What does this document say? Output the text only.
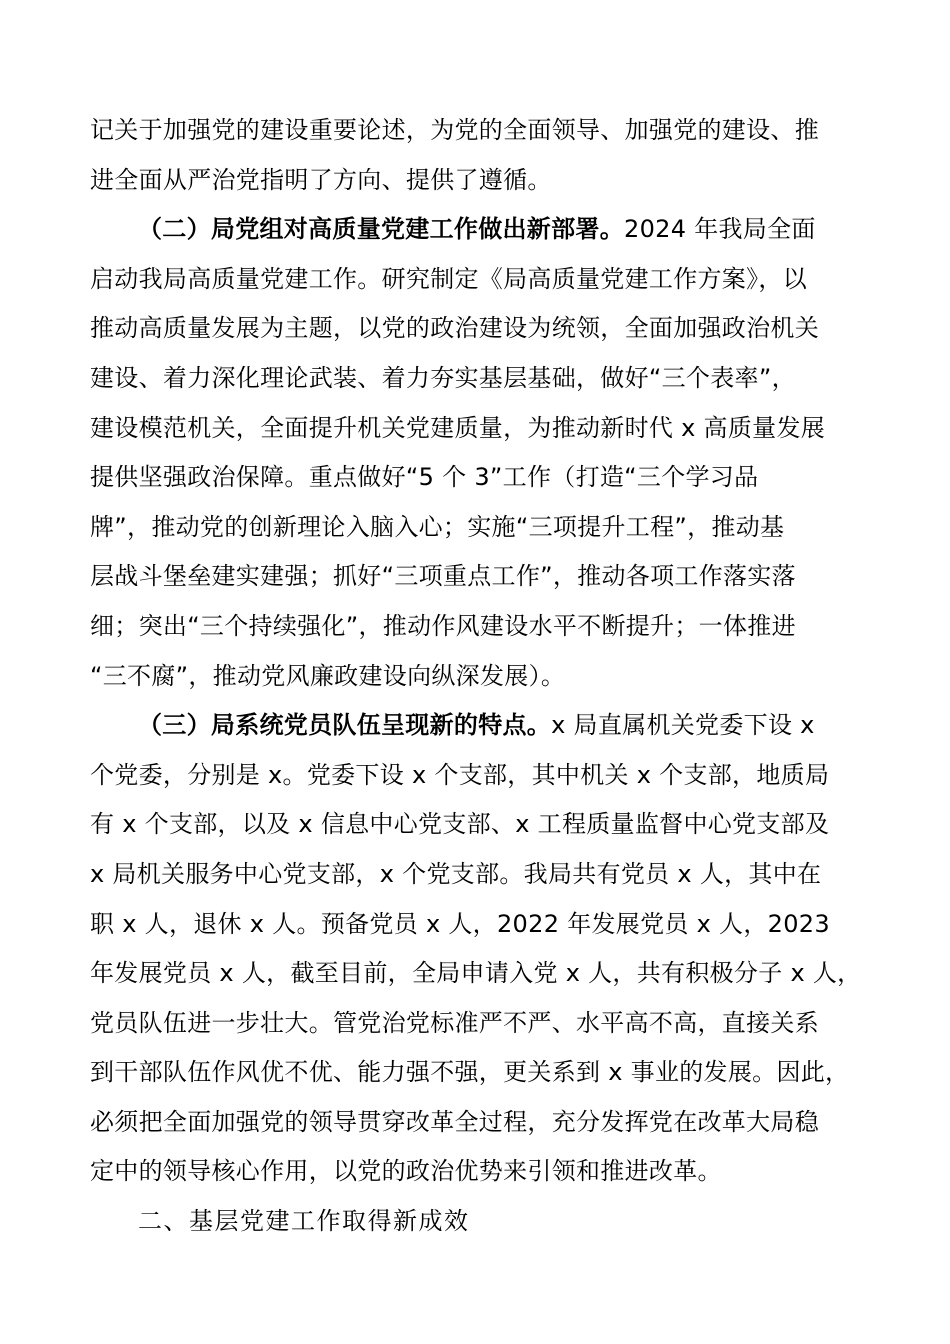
记关于加强党的建设重要论述，为党的全面领导、加强党的建设、推
进全面从严治党指明了方向、提供了遵循。
（二）局党组对高质量党建工作做出新部署。2024 年我局全面
启动我局高质量党建工作。研究制定《局高质量党建工作方案》，以
推动高质量发展为主题，以党的政治建设为统领，全面加强政治机关
建设、着力深化理论武装、着力夯实基层基础，做好“三个表率”，
建设模范机关，全面提升机关党建质量，为推动新时代 x 高质量发展
提供坚强政治保障。重点做好“5 个 3”工作（打造“三个学习品
牌”，推动党的创新理论入脑入心；实施“三项提升工程”，推动基
层战斗堡垒建实建强；抓好“三项重点工作”，推动各项工作落实落
细；突出“三个持续强化”，推动作风建设水平不断提升；一体推进
“三不腐”，推动党风廉政建设向纵深发展）。
（三）局系统党员队伍呈现新的特点。x 局直属机关党委下设 x
个党委，分别是 x。党委下设 x 个支部，其中机关 x 个支部，地质局
有 x 个支部，以及 x 信息中心党支部、x 工程质量监督中心党支部及
x 局机关服务中心党支部，x 个党支部。我局共有党员 x 人，其中在
职 x 人，退休 x 人。预备党员 x 人，2022 年发展党员 x 人，2023
年发展党员 x 人，截至目前，全局申请入党 x 人，共有积极分子 x 人，
党员队伍进一步壮大。管党治党标准严不严、水平高不高，直接关系
到干部队伍作风优不优、能力强不强，更关系到 x 事业的发展。因此，
必须把全面加强党的领导贯穿改革全过程，充分发挥党在改革大局稳
定中的领导核心作用，以党的政治优势来引领和推进改革。
二、基层党建工作取得新成效
